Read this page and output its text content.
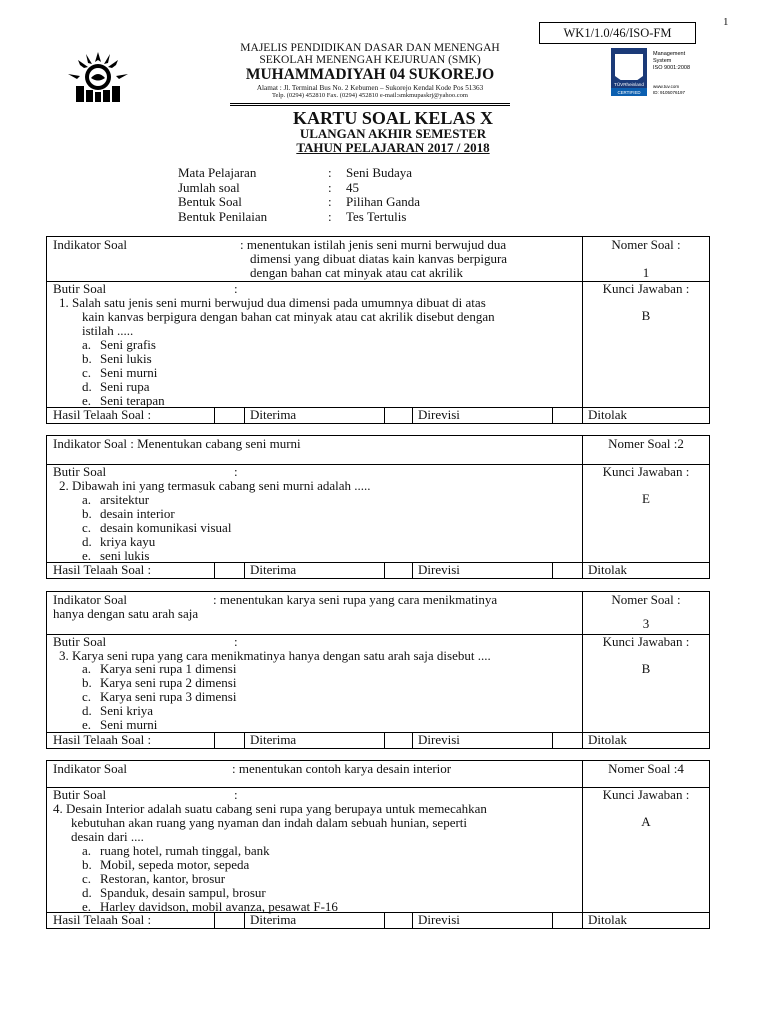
1
WK1/1.0/46/ISO-FM
TÜVRheinland
CERTIFIED
Management
System
ISO 9001:2008
www.tuv.com
ID: 9105076197
MAJELIS PENDIDIKAN DASAR DAN MENENGAH
SEKOLAH MENENGAH KEJURUAN (SMK)
MUHAMMADIYAH 04 SUKOREJO
Alamat : Jl. Terminal Bus No. 2 Kebumen – Sukorejo Kendal Kode Pos 51363
Telp. (0294) 452810 Fax. (0294) 452810 e-mail:smkmupaskrj@yahoo.com
KARTU SOAL KELAS X
ULANGAN AKHIR SEMESTER
TAHUN PELAJARAN 2017 / 2018
Mata Pelajaran	:	Seni Budaya
Jumlah soal	:	45
Bentuk Soal	:	Pilihan Ganda
Bentuk Penilaian	:	Tes Tertulis
Indikator Soal	: menentukan istilah jenis seni murni berwujud dua
dimensi yang dibuat diatas kain kanvas berpigura
dengan bahan cat minyak atau cat akrilik
Nomer Soal :
1
Butir Soal	:
1. Salah satu jenis seni murni berwujud dua dimensi pada umumnya dibuat di atas
kain kanvas berpigura dengan bahan cat minyak atau cat akrilik disebut dengan
istilah .....
a. Seni grafis
b. Seni lukis
c. Seni murni
d. Seni rupa
e. Seni terapan
Kunci Jawaban :
B
Hasil Telaah Soal :	Diterima	Direvisi	Ditolak
Indikator Soal : Menentukan cabang seni murni	Nomer Soal :2
Butir Soal	:
2. Dibawah ini yang termasuk cabang seni murni adalah .....
a. arsitektur
b. desain interior
c. desain komunikasi visual
d. kriya kayu
e. seni lukis
Kunci Jawaban :
E
Hasil Telaah Soal :	Diterima	Direvisi	Ditolak
Indikator Soal	: menentukan karya seni rupa yang cara menikmatinya
hanya dengan satu arah saja
Nomer Soal :
3
Butir Soal	:
3. Karya seni rupa yang cara menikmatinya hanya dengan satu arah saja disebut ....
a. Karya seni rupa 1 dimensi
b. Karya seni rupa 2 dimensi
c. Karya seni rupa 3 dimensi
d. Seni kriya
e. Seni murni
Kunci Jawaban :
B
Hasil Telaah Soal :	Diterima	Direvisi	Ditolak
Indikator Soal	: menentukan contoh karya desain interior	Nomer Soal :4
Butir Soal	:
4. Desain Interior adalah suatu cabang seni rupa yang berupaya untuk memecahkan
kebutuhan akan ruang yang nyaman dan indah dalam sebuah hunian, seperti
desain dari ....
a. ruang hotel, rumah tinggal, bank
b. Mobil, sepeda motor, sepeda
c. Restoran, kantor, brosur
d. Spanduk, desain sampul, brosur
e. Harley davidson, mobil avanza, pesawat F-16
Kunci Jawaban :
A
Hasil Telaah Soal :	Diterima	Direvisi	Ditolak
